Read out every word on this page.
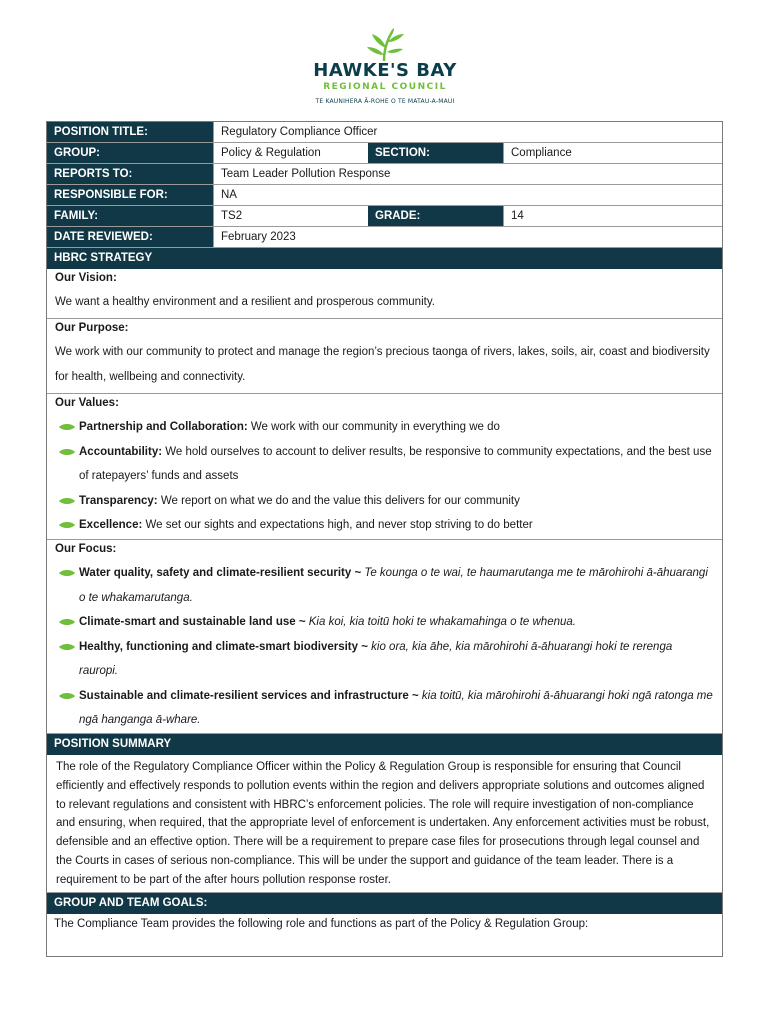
HAWKE'S BAY
REGIONAL COUNCIL
TE KAUNIHERA Ā-ROHE O TE MATAU-A-MAUI
POSITION TITLE:	Regulatory Compliance Officer
GROUP:	Policy & Regulation	SECTION:	Compliance
REPORTS TO:	Team Leader Pollution Response
RESPONSIBLE FOR:	NA
FAMILY:	TS2	GRADE:	14
DATE REVIEWED:	February 2023
HBRC STRATEGY
Our Vision:
We want a healthy environment and a resilient and prosperous community.
Our Purpose:
We work with our community to protect and manage the region’s precious taonga of rivers, lakes, soils, air, coast and biodiversity for health, wellbeing and connectivity.
Our Values:
Partnership and Collaboration: We work with our community in everything we do
Accountability: We hold ourselves to account to deliver results, be responsive to community expectations, and the best use of ratepayers’ funds and assets
Transparency: We report on what we do and the value this delivers for our community
Excellence: We set our sights and expectations high, and never stop striving to do better
Our Focus:
Water quality, safety and climate-resilient security ~ Te kounga o te wai, te haumarutanga me te mārohirohi ā-āhuarangi o te whakamarutanga.
Climate-smart and sustainable land use ~ Kia koi, kia toitū hoki te whakamahinga o te whenua.
Healthy, functioning and climate-smart biodiversity ~ kio ora, kia āhe, kia mārohirohi ā-āhuarangi hoki te rerenga rauropi.
Sustainable and climate-resilient services and infrastructure ~ kia toitū, kia mārohirohi ā-āhuarangi hoki ngā ratonga me ngā hanganga ā-whare.
POSITION SUMMARY
The role of the Regulatory Compliance Officer within the Policy & Regulation Group is responsible for ensuring that Council efficiently and effectively responds to pollution events within the region and delivers appropriate solutions and outcomes aligned to relevant regulations and consistent with HBRC’s enforcement policies. The role will require investigation of non-compliance and ensuring, when required, that the appropriate level of enforcement is undertaken. Any enforcement activities must be robust, defensible and an effective option. There will be a requirement to prepare case files for prosecutions through legal counsel and the Courts in cases of serious non-compliance. This will be under the support and guidance of the team leader. There is a requirement to be part of the after hours pollution response roster.
GROUP AND TEAM GOALS:
The Compliance Team provides the following role and functions as part of the Policy & Regulation Group:
